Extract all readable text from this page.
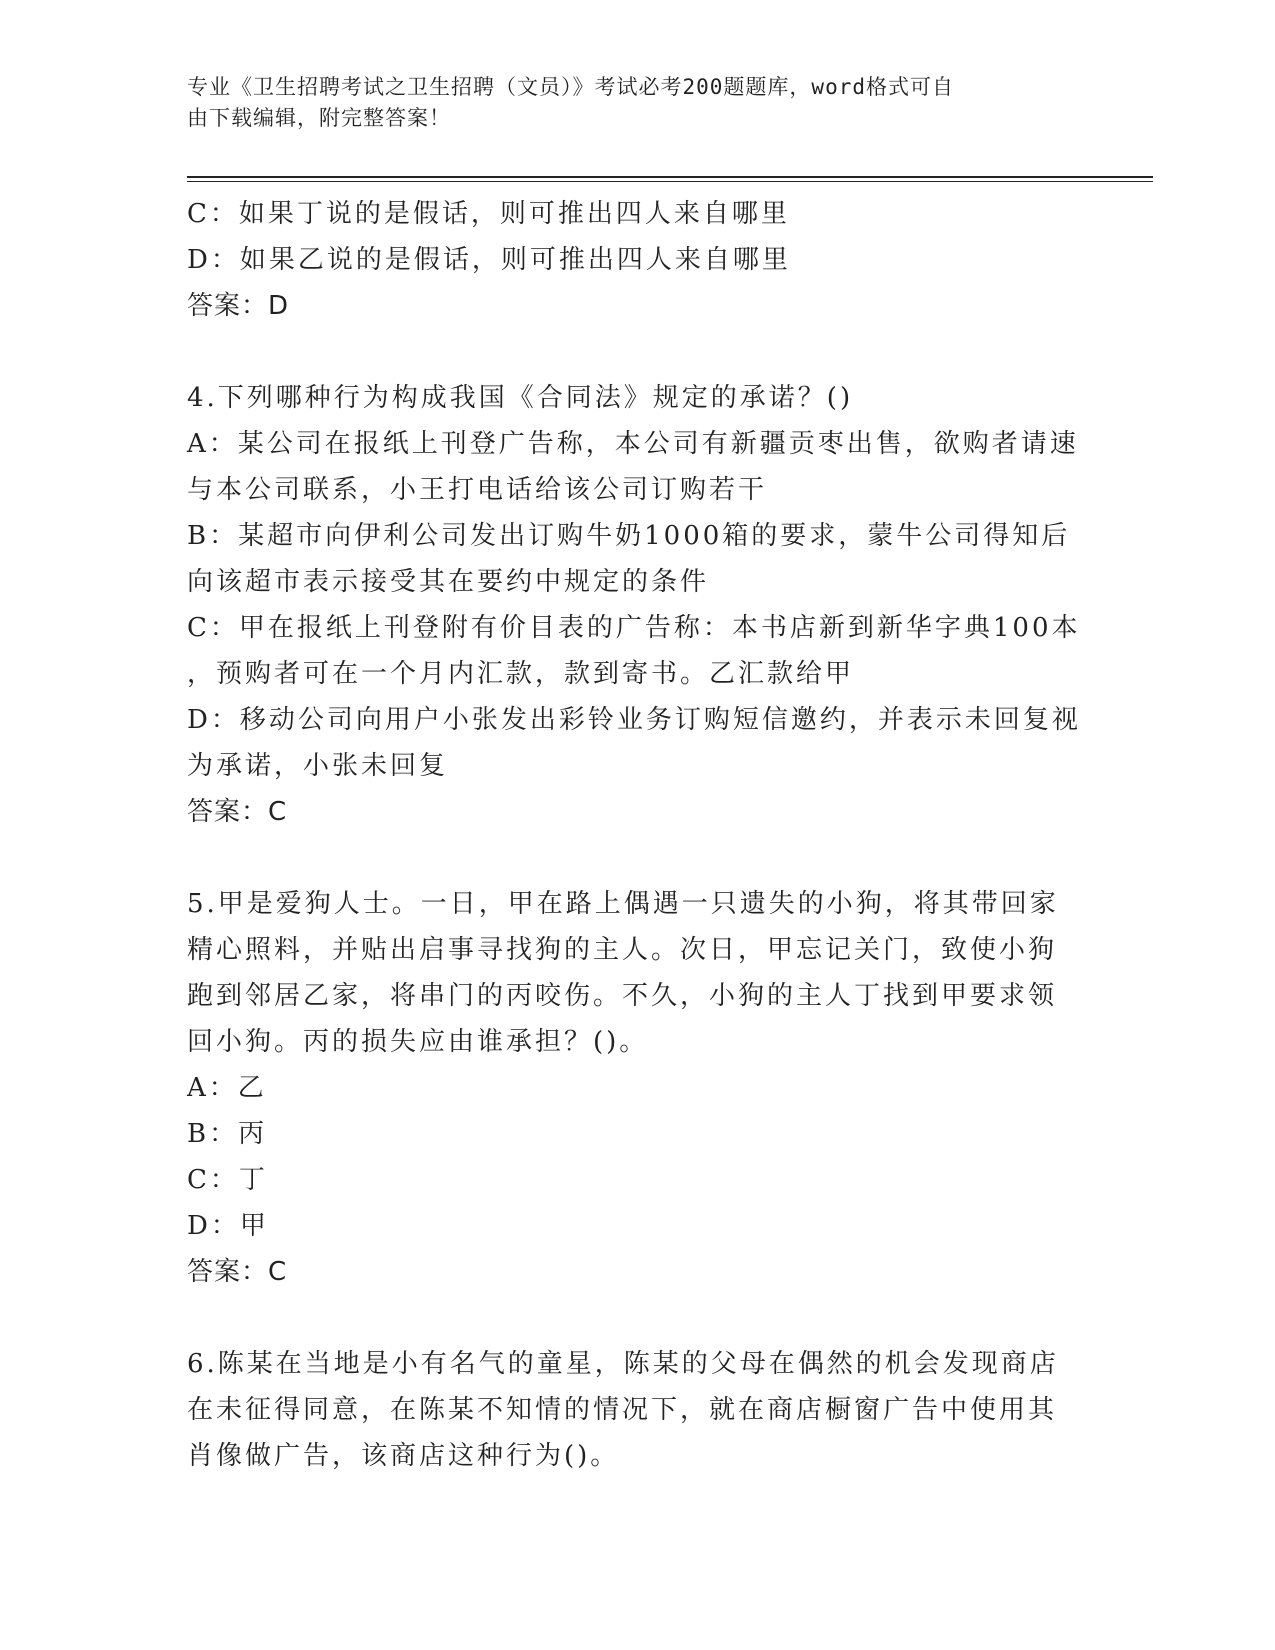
专业《卫生招聘考试之卫生招聘（文员）》考试必考200题题库，word格式可自
由下载编辑，附完整答案！
C：如果丁说的是假话，则可推出四人来自哪里
D：如果乙说的是假话，则可推出四人来自哪里
答案：D
4.下列哪种行为构成我国《合同法》规定的承诺？()
A：某公司在报纸上刊登广告称，本公司有新疆贡枣出售，欲购者请速
与本公司联系，小王打电话给该公司订购若干
B：某超市向伊利公司发出订购牛奶1000箱的要求，蒙牛公司得知后
向该超市表示接受其在要约中规定的条件
C：甲在报纸上刊登附有价目表的广告称：本书店新到新华字典100本
，预购者可在一个月内汇款，款到寄书。乙汇款给甲
D：移动公司向用户小张发出彩铃业务订购短信邀约，并表示未回复视
为承诺，小张未回复
答案：C
5.甲是爱狗人士。一日，甲在路上偶遇一只遗失的小狗，将其带回家
精心照料，并贴出启事寻找狗的主人。次日，甲忘记关门，致使小狗
跑到邻居乙家，将串门的丙咬伤。不久，小狗的主人丁找到甲要求领
回小狗。丙的损失应由谁承担？()。
A：乙
B：丙
C：丁
D：甲
答案：C
6.陈某在当地是小有名气的童星，陈某的父母在偶然的机会发现商店
在未征得同意，在陈某不知情的情况下，就在商店橱窗广告中使用其
肖像做广告，该商店这种行为()。
